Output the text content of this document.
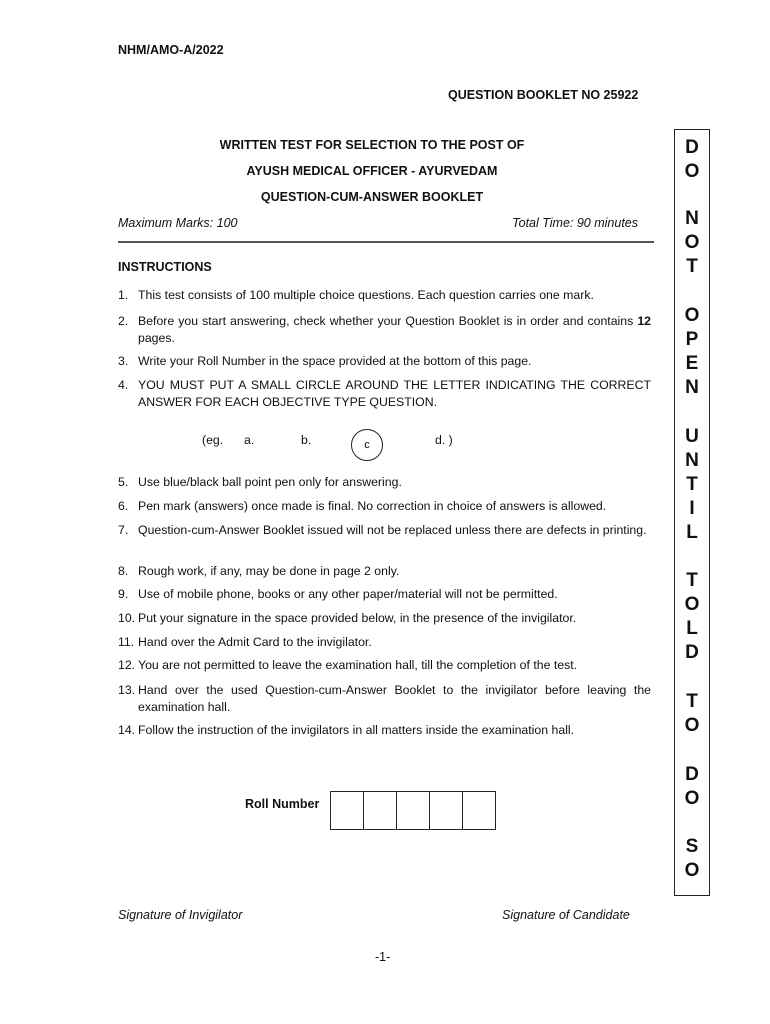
NHM/AMO-A/2022
QUESTION BOOKLET NO 25922
WRITTEN TEST FOR SELECTION TO THE POST OF
AYUSH MEDICAL OFFICER - AYURVEDAM
QUESTION-CUM-ANSWER BOOKLET
Maximum Marks: 100	Total Time: 90 minutes
INSTRUCTIONS
1. This test consists of 100 multiple choice questions. Each question carries one mark.
2. Before you start answering, check whether your Question Booklet is in order and contains 12 pages.
3. Write your Roll Number in the space provided at the bottom of this page.
4. YOU MUST PUT A SMALL CIRCLE AROUND THE LETTER INDICATING THE CORRECT ANSWER FOR EACH OBJECTIVE TYPE QUESTION.
5. Use blue/black ball point pen only for answering.
6. Pen mark (answers) once made is final. No correction in choice of answers is allowed.
7. Question-cum-Answer Booklet issued will not be replaced unless there are defects in printing.
8. Rough work, if any, may be done in page 2 only.
9. Use of mobile phone, books or any other paper/material will not be permitted.
10. Put your signature in the space provided below, in the presence of the invigilator.
11. Hand over the Admit Card to the invigilator.
12. You are not permitted to leave the examination hall, till the completion of the test.
13. Hand over the used Question-cum-Answer Booklet to the invigilator before leaving the examination hall.
14. Follow the instruction of the invigilators in all matters inside the examination hall.
(eg. a.	b.	c	d. )
Roll Number
Signature of Invigilator	Signature of Candidate
-1-
D
O
N
O
T
O
P
E
N
U
N
T
I
L
T
O
L
D
T
O
D
O
S
O
